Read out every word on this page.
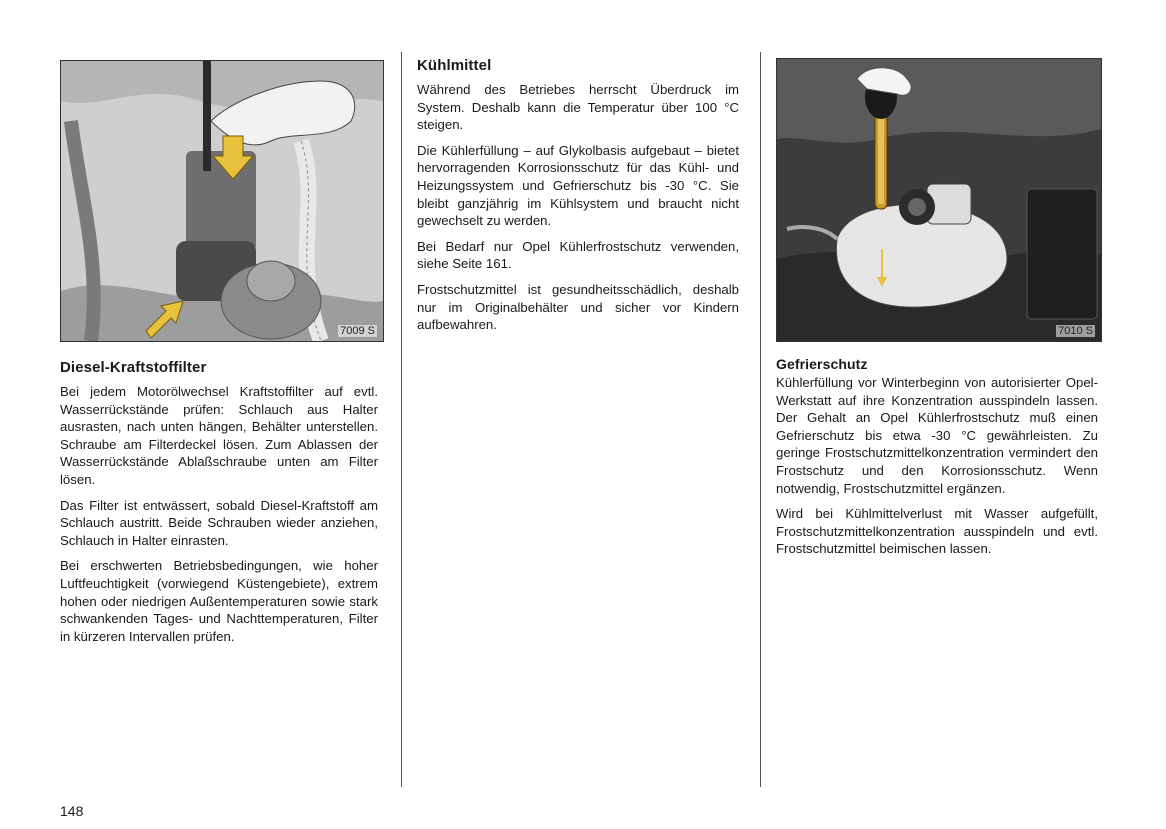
7009 S
Diesel-Kraftstoffilter

Bei jedem Motorölwechsel Kraftstoffilter auf evtl. Wasserrückstände prüfen: Schlauch aus Halter ausrasten, nach unten hängen, Behälter unterstellen. Schraube am Filterdeckel lösen. Zum Ablassen der Wasserrückstände Ablaßschraube unten am Filter lösen.

Das Filter ist entwässert, sobald Diesel-Kraftstoff am Schlauch austritt. Beide Schrauben wieder anziehen, Schlauch in Halter einrasten.

Bei erschwerten Betriebsbedingungen, wie hoher Luftfeuchtigkeit (vorwiegend Küstengebiete), extrem hohen oder niedrigen Außentemperaturen sowie stark schwankenden Tages- und Nachttemperaturen, Filter in kürzeren Intervallen prüfen.

Kühlmittel

Während des Betriebes herrscht Überdruck im System. Deshalb kann die Temperatur über 100 °C steigen.

Die Kühlerfüllung – auf Glykolbasis aufgebaut – bietet hervorragenden Korrosionsschutz für das Kühl- und Heizungssystem und Gefrierschutz bis -30 °C. Sie bleibt ganzjährig im Kühlsystem und braucht nicht gewechselt zu werden.

Bei Bedarf nur Opel Kühlerfrostschutz verwenden, siehe Seite 161.

Frostschutzmittel ist gesundheitsschädlich, deshalb nur im Originalbehälter und sicher vor Kindern aufbewahren.	7010 S
Gefrierschutz

Kühlerfüllung vor Winterbeginn von autorisierter Opel-Werkstatt auf ihre Konzentration ausspindeln lassen. Der Gehalt an Opel Kühlerfrostschutz muß einen Gefrierschutz bis etwa -30 °C gewährleisten. Zu geringe Frostschutzmittelkonzentration vermindert den Frostschutz und den Korrosionsschutz. Wenn notwendig, Frostschutzmittel ergänzen.

Wird bei Kühlmittelverlust mit Wasser aufgefüllt, Frostschutzmittelkonzentration ausspindeln und evtl. Frostschutzmittel beimischen lassen.

148
